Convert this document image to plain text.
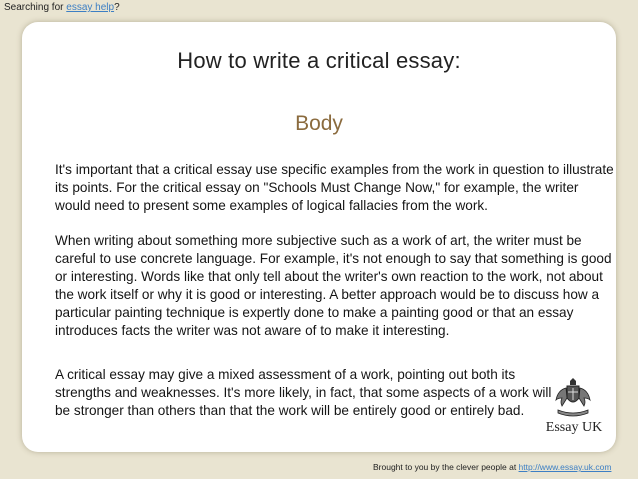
Searching for essay help?
How to write a critical essay:
Body
It's important that a critical essay use specific examples from the work in question to illustrate its points. For the critical essay on "Schools Must Change Now," for example, the writer would need to present some examples of logical fallacies from the work.
When writing about something more subjective such as a work of art, the writer must be careful to use concrete language. For example, it's not enough to say that something is good or interesting. Words like that only tell about the writer's own reaction to the work, not about the work itself or why it is good or interesting. A better approach would be to discuss how a particular painting technique is expertly done to make a painting good or that an essay introduces facts the writer was not aware of to make it interesting.
A critical essay may give a mixed assessment of a work, pointing out both its strengths and weaknesses. It's more likely, in fact, that some aspects of a work will be stronger than others than that the work will be entirely good or entirely bad.
Essay UK
Brought to you by the clever people at http://www.essay.uk.com
